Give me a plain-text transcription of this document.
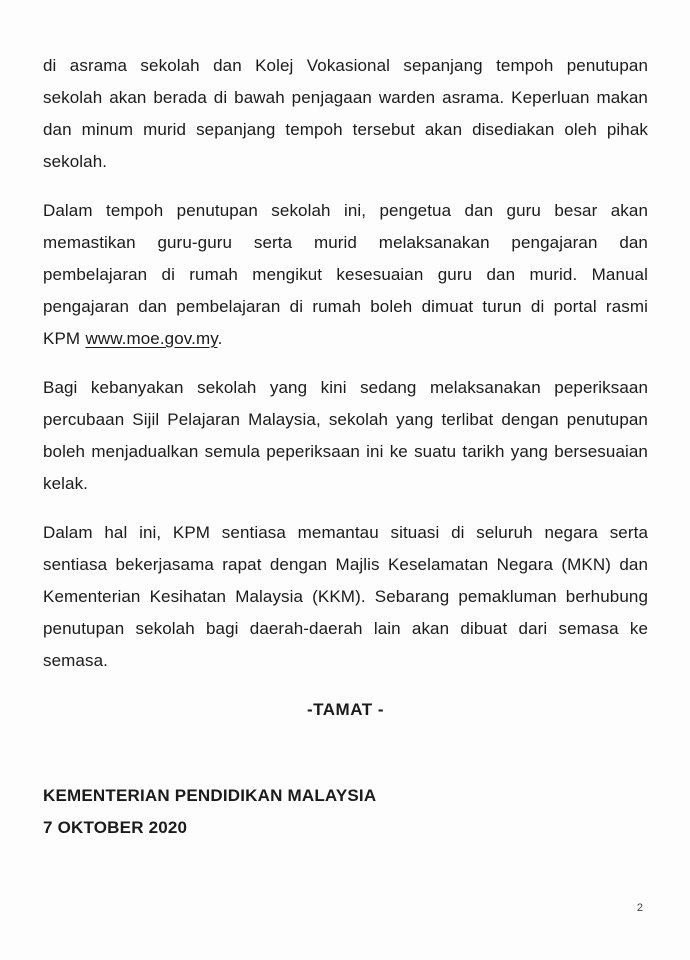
di asrama sekolah dan Kolej Vokasional sepanjang tempoh penutupan sekolah akan berada di bawah penjagaan warden asrama. Keperluan makan dan minum murid sepanjang tempoh tersebut akan disediakan oleh pihak sekolah.

Dalam tempoh penutupan sekolah ini, pengetua dan guru besar akan memastikan guru-guru serta murid melaksanakan pengajaran dan pembelajaran di rumah mengikut kesesuaian guru dan murid. Manual pengajaran dan pembelajaran di rumah boleh dimuat turun di portal rasmi KPM www.moe.gov.my.

Bagi kebanyakan sekolah yang kini sedang melaksanakan peperiksaan percubaan Sijil Pelajaran Malaysia, sekolah yang terlibat dengan penutupan boleh menjadualkan semula peperiksaan ini ke suatu tarikh yang bersesuaian kelak.

Dalam hal ini, KPM sentiasa memantau situasi di seluruh negara serta sentiasa bekerjasama rapat dengan Majlis Keselamatan Negara (MKN) dan Kementerian Kesihatan Malaysia (KKM). Sebarang pemakluman berhubung penutupan sekolah bagi daerah-daerah lain akan dibuat dari semasa ke semasa.

-TAMAT -

KEMENTERIAN PENDIDIKAN MALAYSIA

7 OKTOBER 2020

2
